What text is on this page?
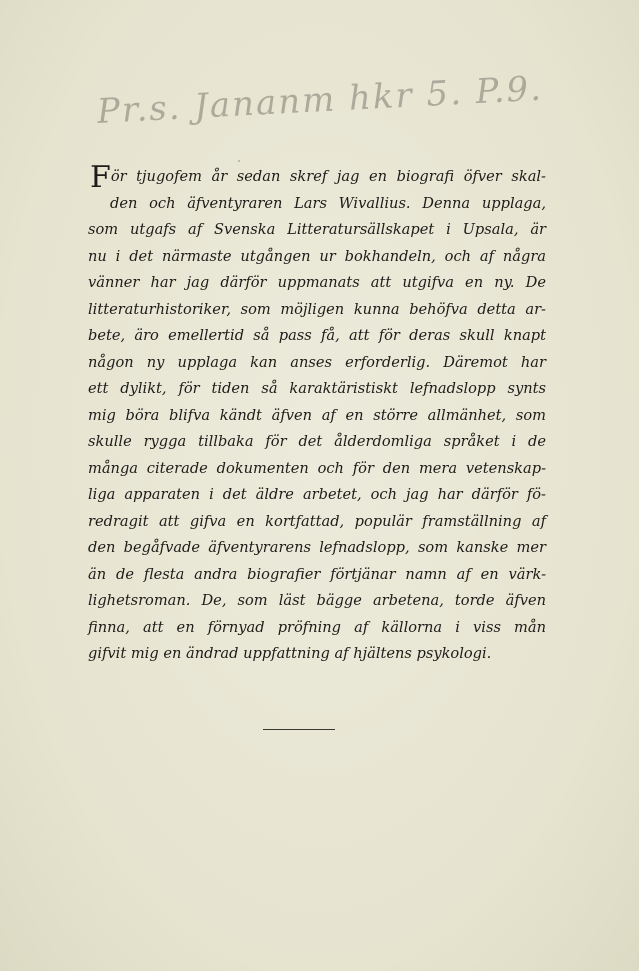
Pr.s. Jananm hkr 5. P.9.
För tjugofem år sedan skref jag en biografi öfver skal-
den och äfventyraren Lars Wivallius. Denna upplaga,
som utgafs af Svenska Litteratursällskapet i Upsala, är
nu i det närmaste utgången ur bokhandeln, och af några
vänner har jag därför uppmanats att utgifva en ny. De
litteraturhistoriker, som möjligen kunna behöfva detta ar-
bete, äro emellertid så pass få, att för deras skull knapt
någon ny upplaga kan anses erforderlig. Däremot har
ett dylikt, för tiden så karaktäristiskt lefnadslopp synts
mig böra blifva kändt äfven af en större allmänhet, som
skulle rygga tillbaka för det ålderdomliga språket i de
många citerade dokumenten och för den mera vetenskap-
liga apparaten i det äldre arbetet, och jag har därför fö-
redragit att gifva en kortfattad, populär framställning af
den begåfvade äfventyrarens lefnadslopp, som kanske mer
än de flesta andra biografier förtjänar namn af en värk-
lighetsroman. De, som läst bägge arbetena, torde äfven
finna, att en förnyad pröfning af källorna i viss mån
gifvit mig en ändrad uppfattning af hjältens psykologi.
